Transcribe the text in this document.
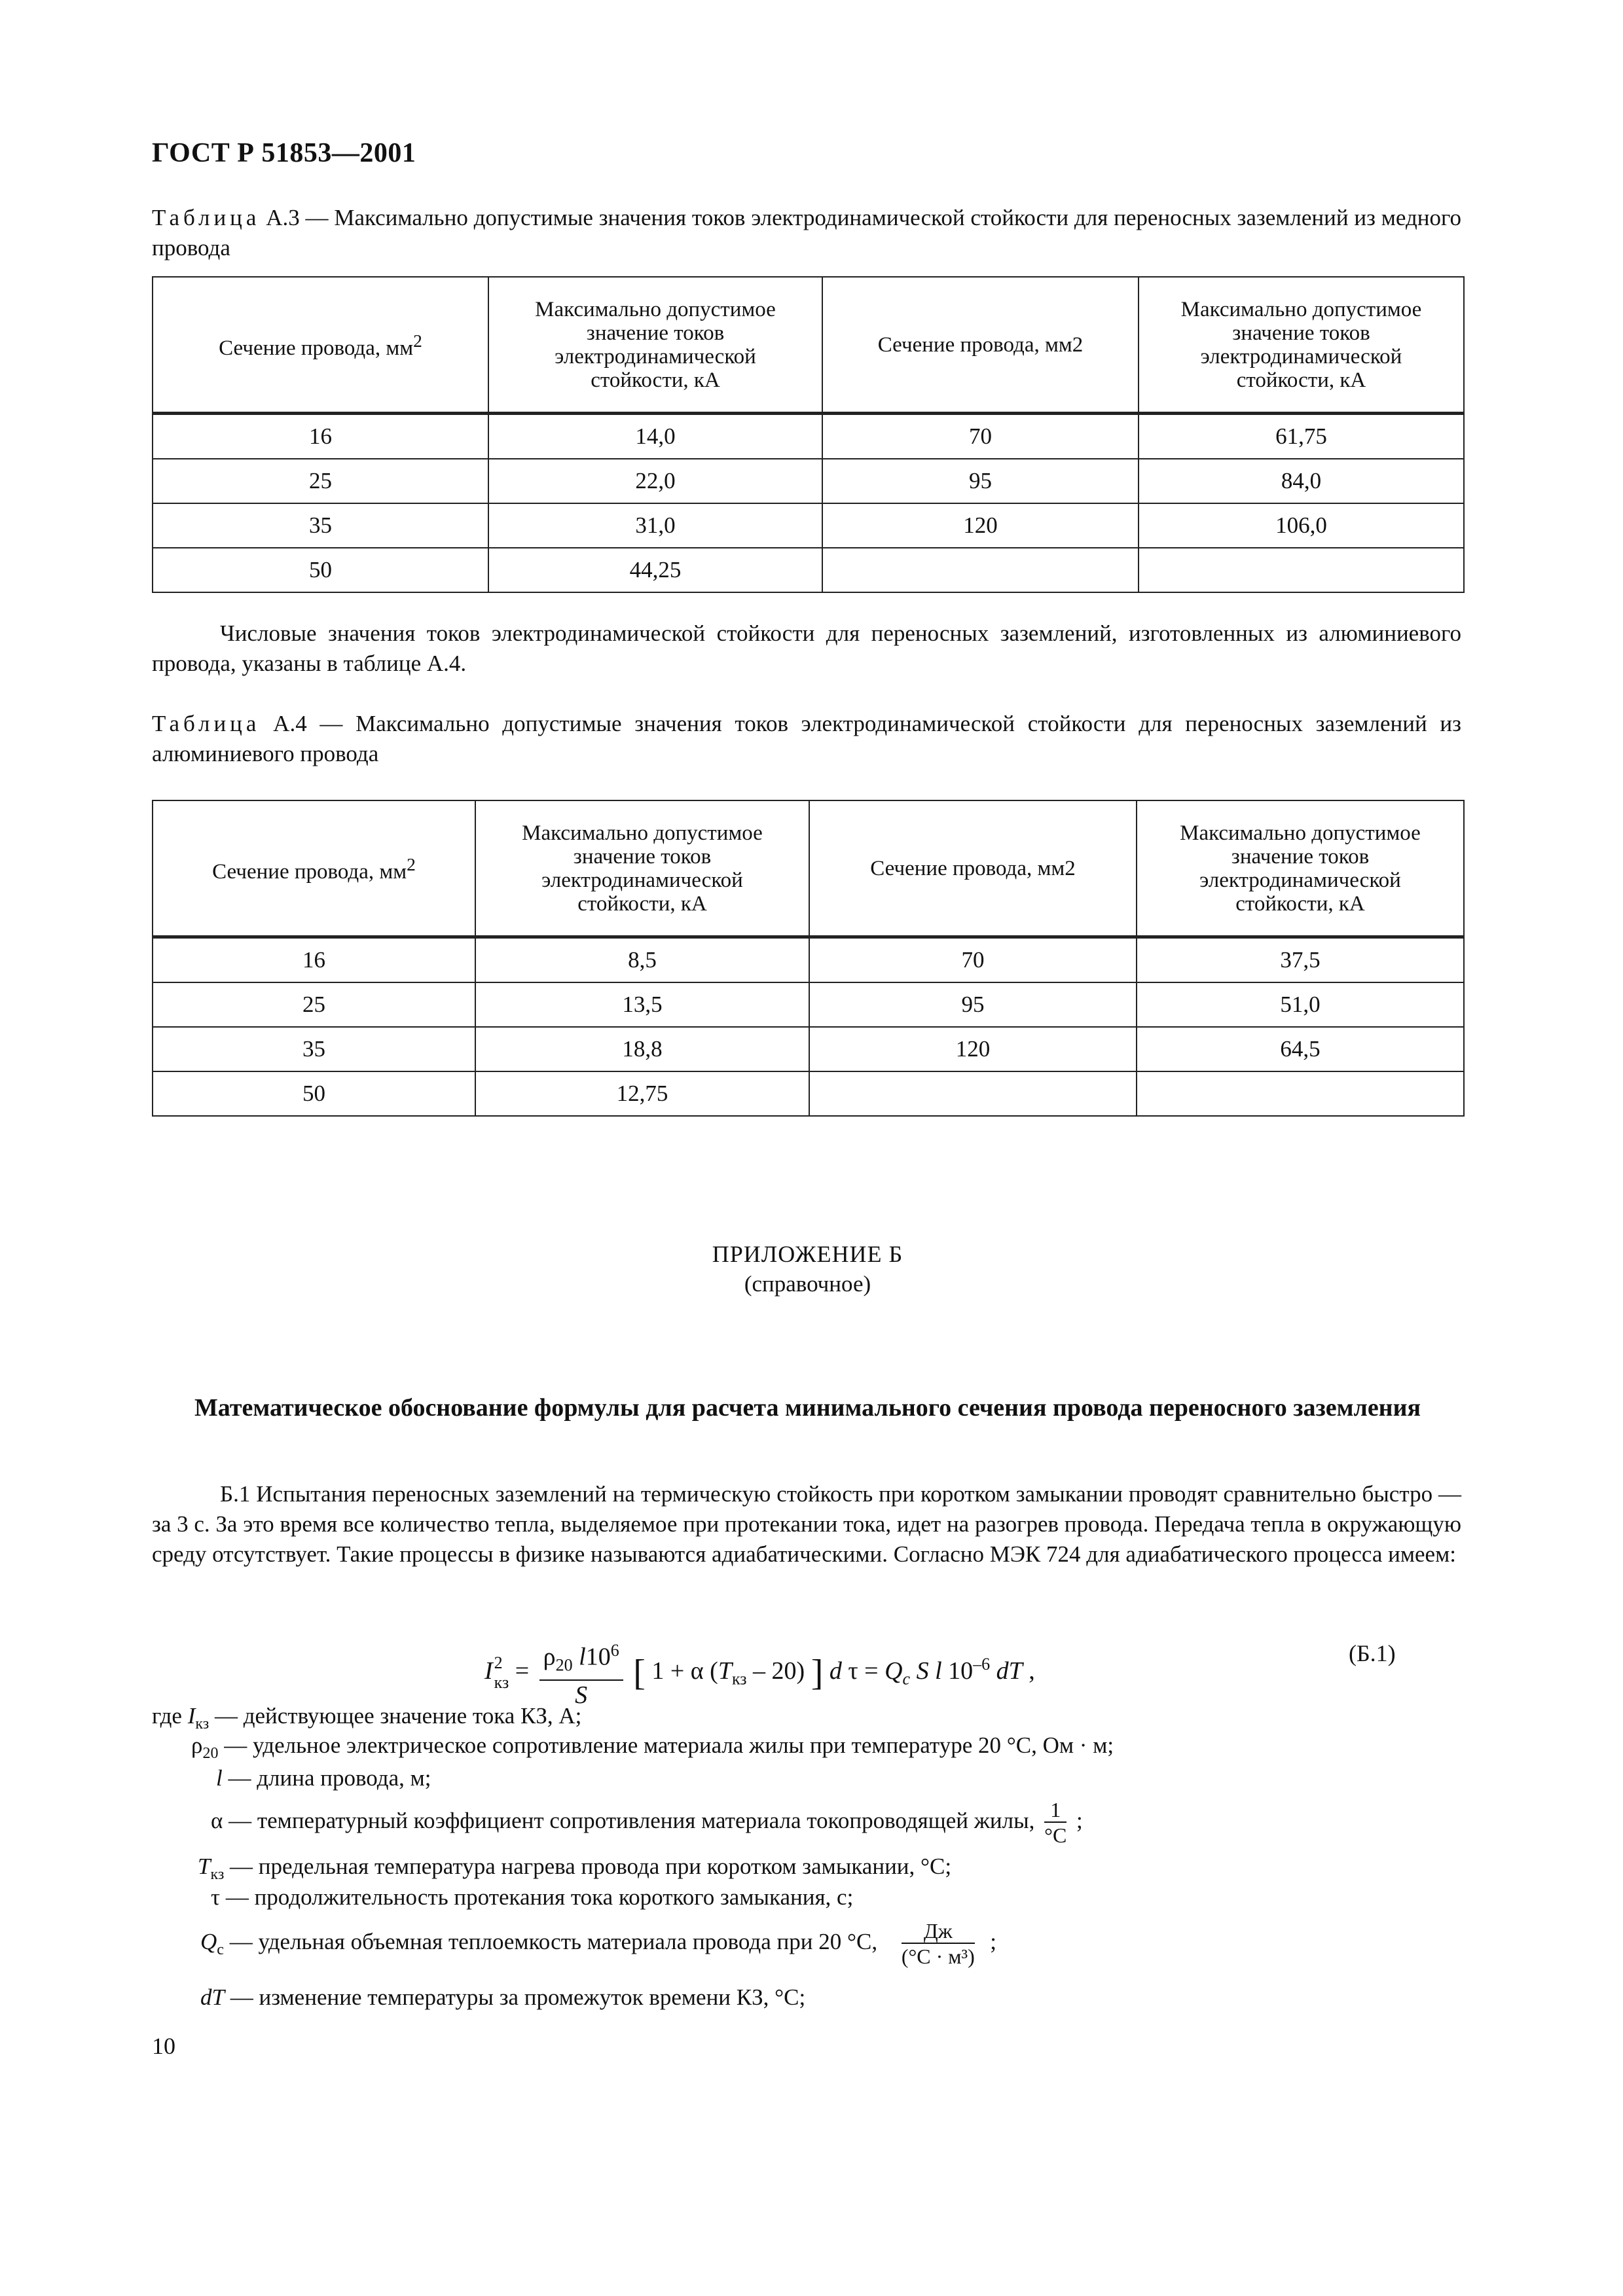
ГОСТ Р 51853—2001
Таблица А.3 — Максимально допустимые значения токов электродинамической стойкости для переносных заземлений из медного провода
Сечение провода, $мм^2$	Максимально допустимое значение токов электродинамической стойкости, кА	Сечение провода, мм2	Максимально допустимое значение токов электродинамической стойкости, кА

16	14,0	70	61,75
25	22,0	95	84,0
35	31,0	120	106,0
50	44,25		
Числовые значения токов электродинамической стойкости для переносных заземлений, изготовленных из алюминиевого провода, указаны в таблице А.4.
Таблица А.4 — Максимально допустимые значения токов электродинамической стойкости для переносных заземлений из алюминиевого провода
Сечение провода, $мм^2$	Максимально допустимое значение токов электродинамической стойкости, кА	Сечение провода, мм2	Максимально допустимое значение токов электродинамической стойкости, кА

16	8,5	70	37,5
25	13,5	95	51,0
35	18,8	120	64,5
50	12,75		
ПРИЛОЖЕНИЕ Б
(справочное)
Математическое обоснование формулы для расчета минимального сечения провода переносного заземления
Б.1 Испытания переносных заземлений на термическую стойкость при коротком замыкании проводят сравнительно быстро — за 3 с. За это время все количество тепла, выделяемое при протекании тока, идет на разогрев провода. Передача тепла в окружающую среду отсутствует. Такие процессы в физике называются адиабатическими. Согласно МЭК 724 для адиабатического процесса имеем:
I2
кз = $\frac{\rho_{20} l10^6}{S}$ [ 1 + α $(T_{кз} - 20)$ ] d $\tau = Q_c$ S l $10^{-6}$ dT ,
(Б.1)
где $I_{кз}$ — действующее значение тока КЗ, А;
$\rho_{20}$ — удельное электрическое сопротивление материала жилы при температуре 20 °С, Ом · м;
l — длина провода, м;
α — температурный коэффициент сопротивления материала токопроводящей жилы, $\frac{1}{^\circ С}$ ;
$T_{кз}$ — предельная температура нагрева провода при коротком замыкании, °С;
τ — продолжительность протекания тока короткого замыкания, с;
$Q_с$ — удельная объемная теплоемкость материала провода при 20 °С, $\frac{Дж}{\text{(°С · м³)}}$ ;
dT — изменение температуры за промежуток времени КЗ, °С;
10
